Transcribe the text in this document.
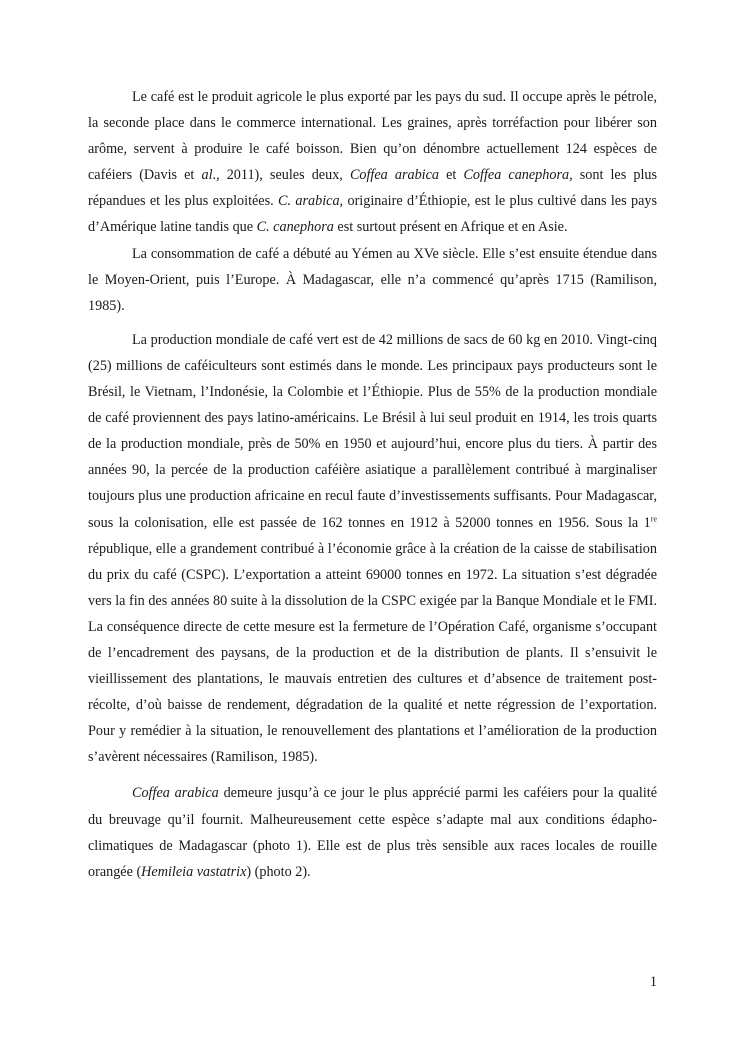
Le café est le produit agricole le plus exporté par les pays du sud. Il occupe après le pétrole, la seconde place dans le commerce international. Les graines, après torréfaction pour libérer son arôme, servent à produire le café boisson. Bien qu’on dénombre actuellement 124 espèces de caféiers (Davis et al., 2011), seules deux, Coffea arabica et Coffea canephora, sont les plus répandues et les plus exploitées. C. arabica, originaire d’Éthiopie, est le plus cultivé dans les pays d’Amérique latine tandis que C. canephora est surtout présent en Afrique et en Asie.

La consommation de café a débuté au Yémen au XVe siècle. Elle s’est ensuite étendue dans le Moyen-Orient, puis l’Europe. À Madagascar, elle n’a commencé qu’après 1715 (Ramilison, 1985).

La production mondiale de café vert est de 42 millions de sacs de 60 kg en 2010. Vingt-cinq (25) millions de caféiculteurs sont estimés dans le monde. Les principaux pays producteurs sont le Brésil, le Vietnam, l’Indonésie, la Colombie et l’Éthiopie. Plus de 55% de la production mondiale de café proviennent des pays latino-américains. Le Brésil à lui seul produit en 1914, les trois quarts de la production mondiale, près de 50% en 1950 et aujourd’hui, encore plus du tiers. À partir des années 90, la percée de la production caféière asiatique a parallèlement contribué à marginaliser toujours plus une production africaine en recul faute d’investissements suffisants. Pour Madagascar, sous la colonisation, elle est passée de 162 tonnes en 1912 à 52000 tonnes en 1956. Sous la 1re république, elle a grandement contribué à l’économie grâce à la création de la caisse de stabilisation du prix du café (CSPC). L’exportation a atteint 69000 tonnes en 1972. La situation s’est dégradée vers la fin des années 80 suite à la dissolution de la CSPC exigée par la Banque Mondiale et le FMI. La conséquence directe de cette mesure est la fermeture de l’Opération Café, organisme s’occupant de l’encadrement des paysans, de la production et de la distribution de plants. Il s’ensuivit le vieillissement des plantations, le mauvais entretien des cultures et d’absence de traitement post-récolte, d’où baisse de rendement, dégradation de la qualité et nette régression de l’exportation. Pour y remédier à la situation, le renouvellement des plantations et l’amélioration de la production s’avèrent nécessaires (Ramilison, 1985).

Coffea arabica demeure jusqu’à ce jour le plus apprécié parmi les caféiers pour la qualité du breuvage qu’il fournit. Malheureusement cette espèce s’adapte mal aux conditions édapho-climatiques de Madagascar (photo 1). Elle est de plus très sensible aux races locales de rouille orangée (Hemileia vastatrix) (photo 2).

1
